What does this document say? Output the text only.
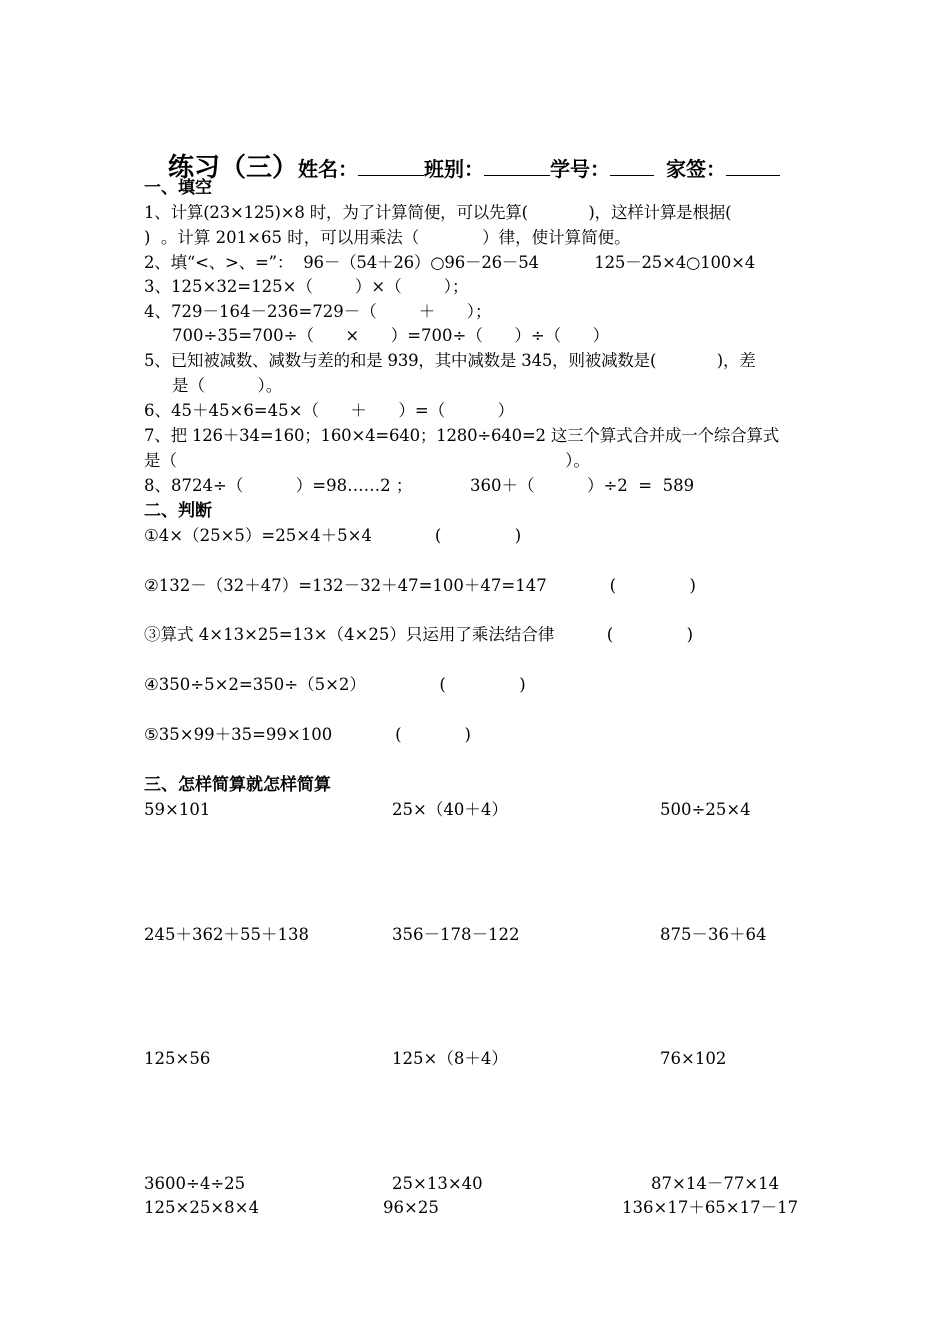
练习（三）姓名：	班别：	学号：	家签：

一、填空
1、计算(23×125)×8 时，为了计算简便，可以先算(            )，这样计算是根据(
)  。计算 201×65 时，可以用乘法（            ）律，使计算简便。
2、填“<、>、=”：  96－（54＋26）○96－26－54           125－25×4○100×4
3、125×32=125×（        ）×（        ）；
4、729－164－236=729－（        ＋      ）；
700÷35=700÷（      ×      ）=700÷（      ）÷（      ）
5、已知被减数、减数与差的和是 939，其中减数是 345，则被减数是(            )，差
是（          ）。
6、45＋45×6=45×（      ＋      ）=（          ）
7、把 126＋34=160；160×4=640；1280÷640=2 这三个算式合并成一个综合算式
是（                                                                          ）。
8、8724÷（          ）=98……2 ；           360＋（          ）÷2  =  589
二、判断
①4×（25×5）=25×4＋5×4            (              )
②132－（32＋47）=132－32＋47=100＋47=147            (              )
③算式 4×13×25=13×（4×25）只运用了乘法结合律          (              )
④350÷5×2=350÷（5×2）              (              )
⑤35×99＋35=99×100            (            )
三、怎样简算就怎样简算
59×101	25×（40＋4）	500÷25×4
245＋362＋55＋138	356－178－122	875－36＋64
125×56	125×（8＋4）	76×102
3600÷4÷25	25×13×40	87×14－77×14
125×25×8×4	96×25	136×17＋65×17－17
